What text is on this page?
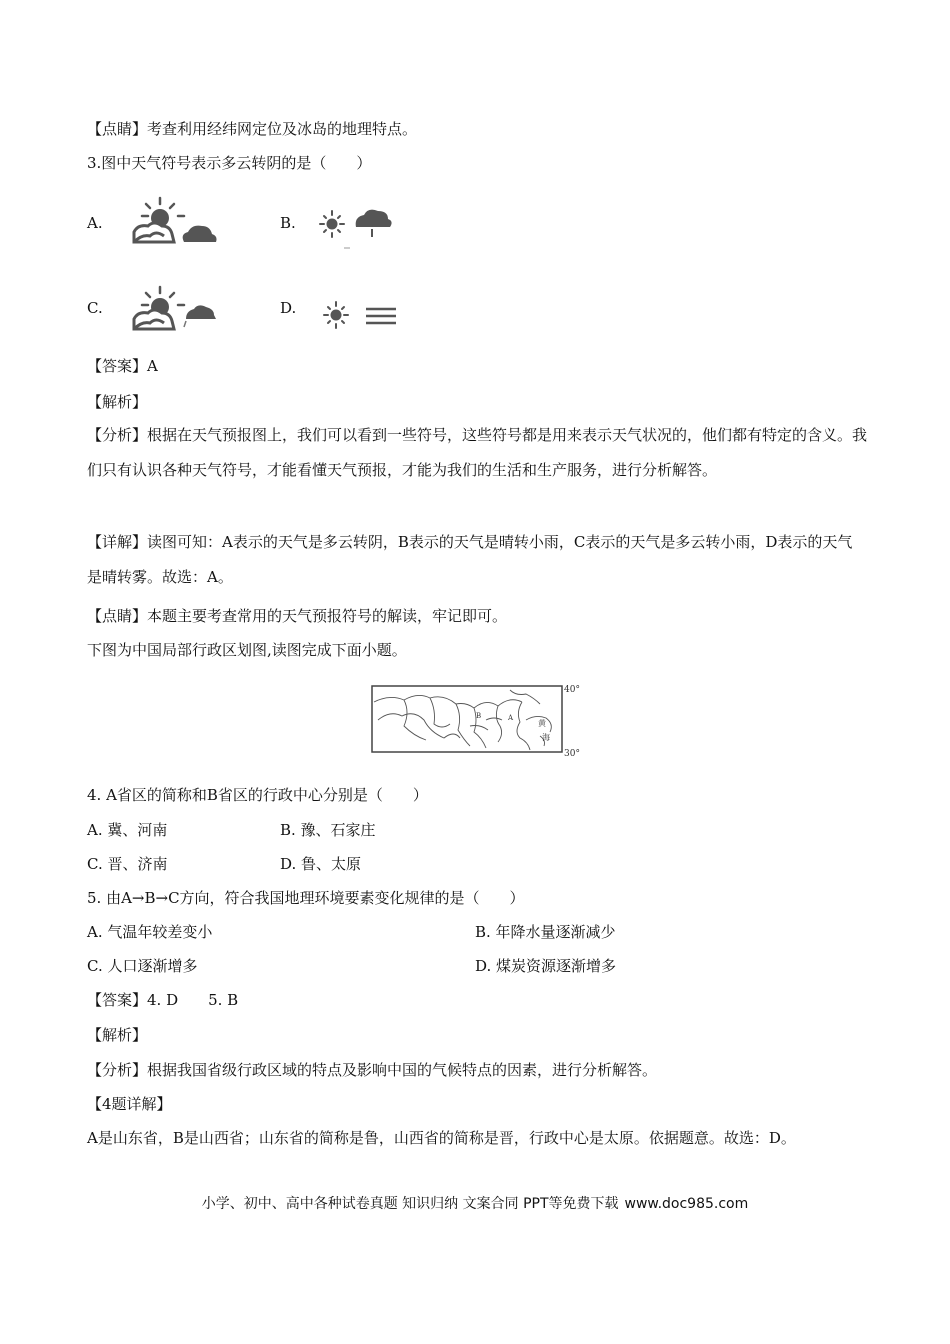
【点睛】考查利用经纬网定位及冰岛的地理特点。
3.图中天气符号表示多云转阴的是（　　）
A.	B.
C.	D.
【答案】A
【解析】
【分析】根据在天气预报图上，我们可以看到一些符号，这些符号都是用来表示天气状况的，他们都有特定的含义。我们只有认识各种天气符号，才能看懂天气预报，才能为我们的生活和生产服务，进行分析解答。
【详解】读图可知：A表示的天气是多云转阴，B表示的天气是晴转小雨，C表示的天气是多云转小雨，D表示的天气是晴转雾。故选：A。
【点睛】本题主要考查常用的天气预报符号的解读，牢记即可。
下图为中国局部行政区划图,读图完成下面小题。
B	A
黄
海
40°
30°
4. A省区的简称和B省区的行政中心分别是（　　）
A. 冀、河南	B. 豫、石家庄
C. 晋、济南	D. 鲁、太原
5. 由A→B→C方向，符合我国地理环境要素变化规律的是（　　）
A. 气温年较差变小	B. 年降水量逐渐减少
C. 人口逐渐增多	D. 煤炭资源逐渐增多
【答案】4. D　　5. B
【解析】
【分析】根据我国省级行政区域的特点及影响中国的气候特点的因素，进行分析解答。
【4题详解】
A是山东省，B是山西省；山东省的简称是鲁，山西省的简称是晋，行政中心是太原。依据题意。故选：D。
小学、初中、高中各种试卷真题 知识归纳 文案合同 PPT等免费下载 www.doc985.com
